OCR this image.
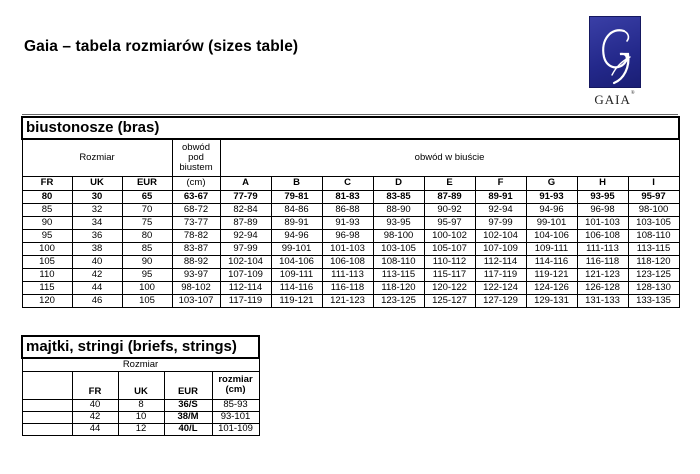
Gaia – tabela rozmiarów (sizes table)
GAIA®
biustonosze (bras)												
Rozmiar			obwód
pod
biustem	obwód w biuście								
FR	UK	EUR	(cm)	A	B	C	D	E	F	G	H	I
80	30	65	63-67	77-79	79-81	81-83	83-85	87-89	89-91	91-93	93-95	95-97
85	32	70	68-72	82-84	84-86	86-88	88-90	90-92	92-94	94-96	96-98	98-100
90	34	75	73-77	87-89	89-91	91-93	93-95	95-97	97-99	99-101	101-103	103-105
95	36	80	78-82	92-94	94-96	96-98	98-100	100-102	102-104	104-106	106-108	108-110
100	38	85	83-87	97-99	99-101	101-103	103-105	105-107	107-109	109-111	111-113	113-115
105	40	90	88-92	102-104	104-106	106-108	108-110	110-112	112-114	114-116	116-118	118-120
110	42	95	93-97	107-109	109-111	111-113	113-115	115-117	117-119	119-121	121-123	123-125
115	44	100	98-102	112-114	114-116	116-118	118-120	120-122	122-124	124-126	126-128	128-130
120	46	105	103-107	117-119	119-121	121-123	123-125	125-127	127-129	129-131	131-133	133-135
majtki, stringi (briefs, strings)				
Rozmiar				
	FR	UK	EUR	rozmiar
(cm)

	40	8	36/S	85-93
	42	10	38/M	93-101
	44	12	40/L	101-109
